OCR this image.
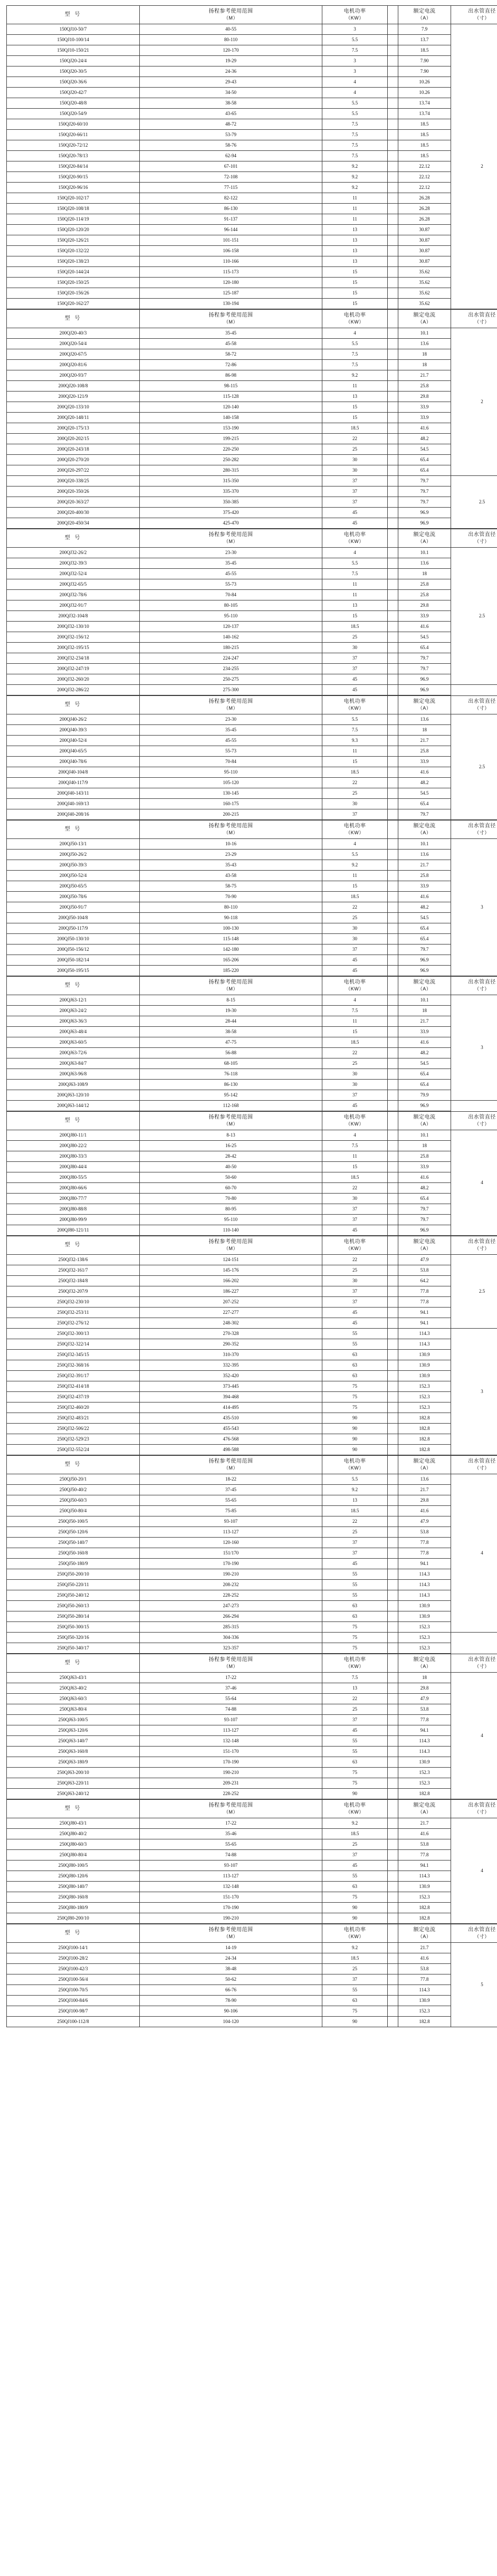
型 号	扬程参考使用范围
（M）	电机功率
（KW）		额定电流
（A）	出水管直径
（寸）

150QJ10-50/7	40-55	3		7.9	2
150QJ10-100/14	80-110	5.5		13.7	
150QJ10-150/21	120-170	7.5		18.5	
150QJ20-24/4	19-29	3		7.90	
150QJ20-30/5	24-36	3		7.90	
150QJ20-36/6	29-43	4		10.26	
150QJ20-42/7	34-50	4		10.26	
150QJ20-48/8	38-58	5.5		13.74	
150QJ20-54/9	43-65	5.5		13.74	
150QJ20-60/10	48-72	7.5		18.5	
150QJ20-66/11	53-79	7.5		18.5	
150QJ20-72/12	58-76	7.5		18.5	
150QJ20-78/13	62-94	7.5		18.5	
150QJ20-84/14	67-101	9.2		22.12	
150QJ20-90/15	72-108	9.2		22.12	
150QJ20-96/16	77-115	9.2		22.12	
150QJ20-102/17	82-122	11		26.28	
150QJ20-108/18	86-130	11		26.28	
150QJ20-114/19	91-137	11		26.28	
150QJ20-120/20	96-144	13		30.87	
150QJ20-126/21	101-151	13		30.87	
150QJ20-132/22	106-158	13		30.87	
150QJ20-138/23	110-166	13		30.87	
150QJ20-144/24	115-173	15		35.62	
150QJ20-150/25	120-180	15		35.62	
150QJ20-156/26	125-187	15		35.62	
150QJ20-162/27	130-194	15		35.62	
型 号	扬程参考使用范围
（M）	电机功率
（KW）		额定电流
（A）	出水管直径
（寸）

200QJ20-40/3	35-45	4		10.1	2
200QJ20-54/4	45-58	5.5		13.6	
200QJ20-67/5	58-72	7.5		18	
200QJ20-81/6	72-86	7.5		18	
200QJ20-93/7	86-98	9.2		21.7	
200QJ20-108/8	98-115	11		25.8	
200QJ20-121/9	115-128	13		29.8	
200QJ20-133/10	120-140	15		33.9	
200QJ20-148/11	140-158	15		33.9	
200QJ20-175/13	153-190	18.5		41.6	
200QJ20-202/15	199-215	22		48.2	
200QJ20-243/18	220-250	25		54.5	
200QJ20-270/20	250-282	30		65.4	
200QJ20-297/22	280-315	30		65.4	
200QJ20-338/25	315-350	37		79.7	2.5
200QJ20-350/26	335-370	37		79.7	
200QJ20-363/27	350-385	37		79.7	
200QJ20-400/30	375-420	45		96.9	
200QJ20-450/34	425-470	45		96.9	
型 号	扬程参考使用范围
（M）	电机功率
（KW）		额定电流
（A）	出水管直径
（寸）

200QJ32-26/2	23-30	4		10.1	2.5
200QJ32-39/3	35-45	5.5		13.6	
200QJ32-52/4	45-55	7.5		18	
200QJ32-65/5	55-73	11		25.8	
200QJ32-78/6	70-84	11		25.8	
200QJ32-91/7	80-105	13		29.8	
200QJ32-104/8	95-110	15		33.9	
200QJ32-130/10	120-137	18.5		41.6	
200QJ32-156/12	140-162	25		54.5	
200QJ32-195/15	180-215	30		65.4	
200QJ32-234/18	224-247	37		79.7	
200QJ32-247/19	234-255	37		79.7	
200QJ32-260/20	250-275	45		96.9	
200QJ32-286/22	275-300	45		96.9	
型 号	扬程参考使用范围
（M）	电机功率
（KW）		额定电流
（A）	出水管直径
（寸）

200QJ40-26/2	23-30	5.5		13.6	2.5
200QJ40-39/3	35-45	7.5		18	
200QJ40-52/4	45-55	9.3		21.7	
200QJ40-65/5	55-73	11		25.8	
200QJ40-78/6	70-84	15		33.9	
200QJ40-104/8	95-110	18.5		41.6	
200QJ40-117/9	105-120	22		48.2	
200QJ40-143/11	130-145	25		54.5	
200QJ40-169/13	160-175	30		65.4	
200QJ40-208/16	200-215	37		79.7	
型 号	扬程参考使用范围
（M）	电机功率
（KW）		额定电流
（A）	出水管直径
（寸）

200QJ50-13/1	10-16	4		10.1	3
200QJ50-26/2	23-29	5.5		13.6	
200QJ50-39/3	35-43	9.2		21.7	
200QJ50-52/4	43-58	11		25.8	
200QJ50-65/5	58-75	15		33.9	
200QJ50-78/6	70-90	18.5		41.6	
200QJ50-91/7	80-110	22		48.2	
200QJ50-104/8	90-118	25		54.5	
200QJ50-117/9	100-130	30		65.4	
200QJ50-130/10	115-148	30		65.4	
200QJ50-156/12	142-180	37		79.7	
200QJ50-182/14	165-206	45		96.9	
200QJ50-195/15	185-220	45		96.9	
型 号	扬程参考使用范围
（M）	电机功率
（KW）		额定电流
（A）	出水管直径
（寸）

200QJ63-12/1	8-15	4		10.1	3
200QJ63-24/2	19-30	7.5		18	
200QJ63-36/3	28-44	11		21.7	
200QJ63-48/4	38-58	15		33.9	
200QJ63-60/5	47-75	18.5		41.6	
200QJ63-72/6	56-88	22		48.2	
200QJ63-84/7	68-105	25		54.5	
200QJ63-96/8	76-118	30		65.4	
200QJ63-108/9	86-130	30		65.4	
200QJ63-120/10	95-142	37		79.9	
200QJ63-144/12	112-168	45		96.9	
型 号	扬程参考使用范围
（M）	电机功率
（KW）		额定电流
（A）	出水管直径
（寸）

200QJ80-11/1	8-13	4		10.1	4
200QJ80-22/2	16-25	7.5		18	
200QJ80-33/3	28-42	11		25.8	
200QJ80-44/4	40-50	15		33.9	
200QJ80-55/5	50-60	18.5		41.6	
200QJ80-66/6	60-70	22		48.2	
200QJ80-77/7	70-80	30		65.4	
200QJ80-88/8	80-95	37		79.7	
200QJ80-99/9	95-110	37		79.7	
200QJ80-121/11	110-140	45		96.9	
型 号	扬程参考使用范围
（M）	电机功率
（KW）		额定电流
（A）	出水管直径
（寸）

250QJ32-138/6	124-151	22		47.9	2.5
250QJ32-161/7	145-176	25		53.8	
250QJ32-184/8	166-202	30		64.2	
250QJ32-207/9	186-227	37		77.8	
250QJ32-230/10	207-252	37		77.8	
250QJ32-253/11	227-277	45		94.1	
250QJ32-276/12	248-302	45		94.1	
250QJ32-300/13	270-328	55		114.3	3
250QJ32-322/14	290-352	55		114.3	
250QJ32-345/15	310-370	63		130.9	
250QJ32-368/16	332-395	63		130.9	
250QJ32-391/17	352-420	63		130.9	
250QJ32-414/18	373-445	75		152.3	
250QJ32-437/19	394-468	75		152.3	
250QJ32-460/20	414-495	75		152.3	
250QJ32-483/21	435-510	90		182.8	
250QJ32-506/22	455-543	90		182.8	
250QJ32-529/23	476-568	90		182.8	
250QJ32-552/24	498-588	90		182.8	
型 号	扬程参考使用范围
（M）	电机功率
（KW）		额定电流
（A）	出水管直径
（寸）

250QJ50-20/1	18-22	5.5		13.6	4
250QJ50-40/2	37-45	9.2		21.7	
250QJ50-60/3	55-65	13		29.8	
250QJ50-80/4	75-85	18.5		41.6	
250QJ50-100/5	93-107	22		47.9	
250QJ50-120/6	113-127	25		53.8	
250QJ50-140/7	120-160	37		77.8	
250QJ50-160/8	151/170	37		77.8	
250QJ50-180/9	170-190	45		94.1	
250QJ50-200/10	190-210	55		114.3	
250QJ50-220/11	208-232	55		114.3	
250QJ50-240/12	228-252	55		114.3	
250QJ50-260/13	247-273	63		130.9	
250QJ50-280/14	266-294	63		130.9	
250QJ50-300/15	285-315	75		152.3	
250QJ50-320/16	304-336	75		152.3	
250QJ50-340/17	323-357	75		152.3	
型 号	扬程参考使用范围
（M）	电机功率
（KW）		额定电流
（A）	出水管直径
（寸）

250QJ63-43/1	17-22	7.5		18	4
250QJ63-40/2	37-46	13		29.8	
250QJ63-60/3	55-64	22		47.9	
250QJ63-80/4	74-88	25		53.8	
250QJ63-100/5	93-107	37		77.8	
250QJ63-120/6	113-127	45		94.1	
250QJ63-140/7	132-148	55		114.3	
250QJ63-160/8	151-170	55		114.3	
250QJ63-180/9	170-190	63		130.9	
250QJ63-200/10	190-210	75		152.3	
250QJ63-220/11	209-231	75		152.3	
250QJ63-240/12	228-252	90		182.8	
型 号	扬程参考使用范围
（M）	电机功率
（KW）		额定电流
（A）	出水管直径
（寸）

250QJ80-43/1	17-22	9.2		21.7	4
250QJ80-40/2	35-46	18.5		41.6	
250QJ80-60/3	55-65	25		53.8	
250QJ80-80/4	74-88	37		77.8	
250QJ80-100/5	93-107	45		94.1	
250QJ80-120/6	113-127	55		114.3	
250QJ80-140/7	132-148	63		130.9	
250QJ80-160/8	151-170	75		152.3	
250QJ80-180/9	170-190	90		182.8	
250QJ80-200/10	190-210	90		182.8	
型 号	扬程参考使用范围
（M）	电机功率
（KW）		额定电流
（A）	出水管直径
（寸）

250QJ100-14/1	14-19	9.2		21.7	5
250QJ100-28/2	24-34	18.5		41.6	
250QJ100-42/3	38-48	25		53.8	
250QJ100-56/4	50-62	37		77.8	
250QJ100-70/5	66-76	55		114.3	
250QJ100-84/6	78-90	63		130.9	
250QJ100-98/7	90-106	75		152.3	
250QJ100-112/8	104-120	90		182.8	
